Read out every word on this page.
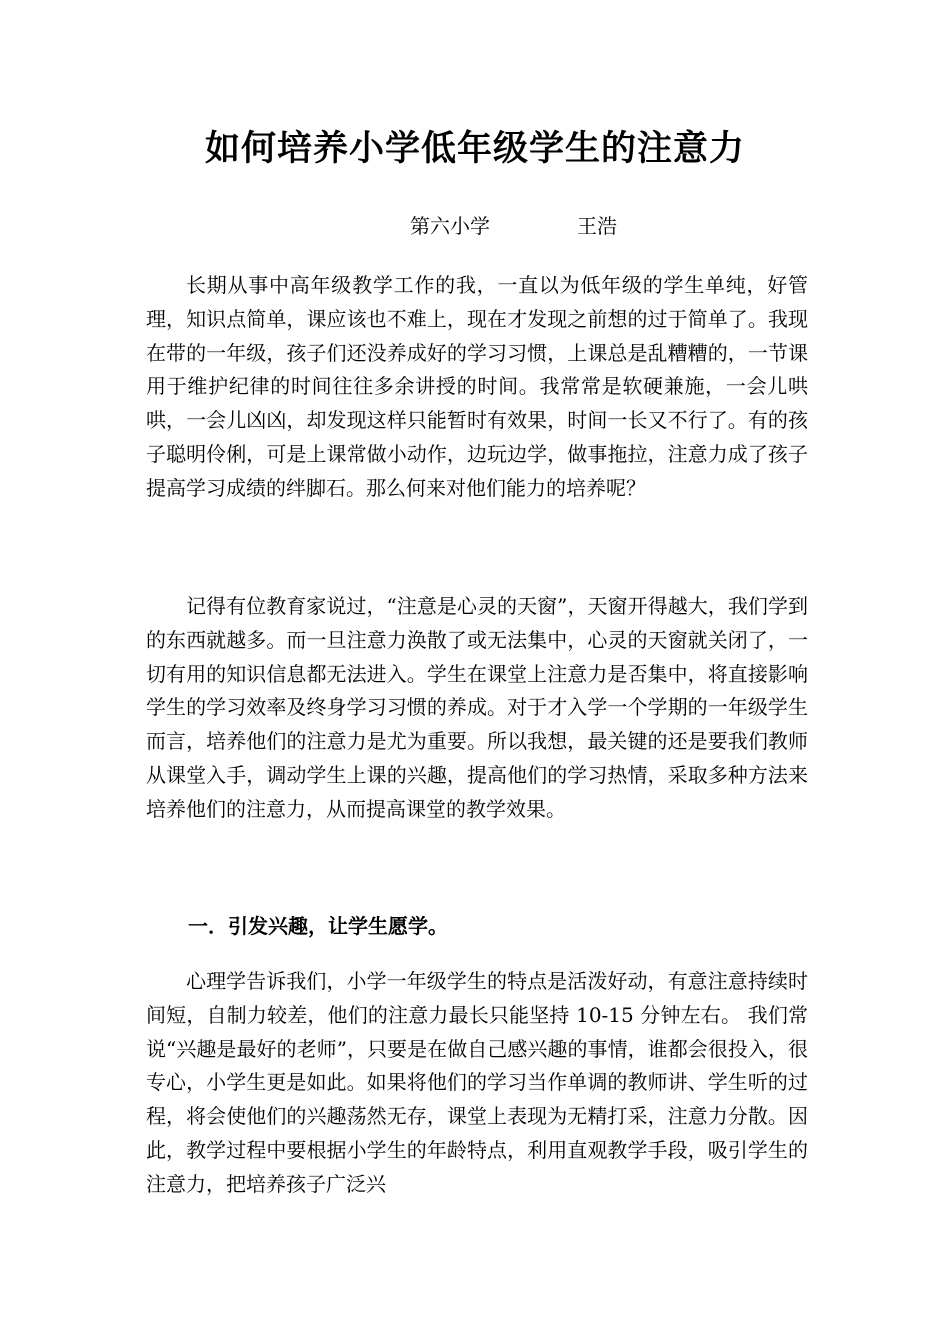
如何培养小学低年级学生的注意力
第六小学	王浩

长期从事中高年级教学工作的我，一直以为低年级的学生单纯，好管理，知识点简单，课应该也不难上，现在才发现之前想的过于简单了。我现在带的一年级，孩子们还没养成好的学习习惯，上课总是乱糟糟的，一节课用于维护纪律的时间往往多余讲授的时间。我常常是软硬兼施，一会儿哄哄，一会儿凶凶，却发现这样只能暂时有效果，时间一长又不行了。有的孩子聪明伶俐，可是上课常做小动作，边玩边学，做事拖拉，注意力成了孩子提高学习成绩的绊脚石。那么何来对他们能力的培养呢？

记得有位教育家说过，“注意是心灵的天窗”，天窗开得越大，我们学到的东西就越多。而一旦注意力涣散了或无法集中，心灵的天窗就关闭了，一切有用的知识信息都无法进入。学生在课堂上注意力是否集中，将直接影响学生的学习效率及终身学习习惯的养成。对于才入学一个学期的一年级学生而言，培养他们的注意力是尤为重要。所以我想，最关键的还是要我们教师从课堂入手，调动学生上课的兴趣，提高他们的学习热情，采取多种方法来培养他们的注意力，从而提高课堂的教学效果。

一．引发兴趣，让学生愿学。

心理学告诉我们，小学一年级学生的特点是活泼好动，有意注意持续时间短，自制力较差，他们的注意力最长只能坚持 10-15 分钟左右。 我们常说“兴趣是最好的老师”，只要是在做自己感兴趣的事情，谁都会很投入，很专心，小学生更是如此。如果将他们的学习当作单调的教师讲、学生听的过程，将会使他们的兴趣荡然无存，课堂上表现为无精打采，注意力分散。因此，教学过程中要根据小学生的年龄特点，利用直观教学手段，吸引学生的注意力，把培养孩子广泛兴
